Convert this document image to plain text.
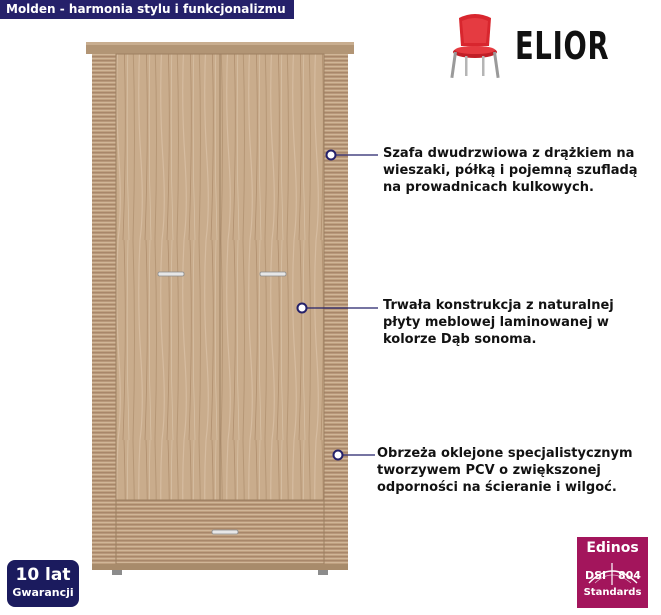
Molden - harmonia stylu i funkcjonalizmu
ELIOR
Szafa dwudrzwiowa z drążkiem na
wieszaki, półką i pojemną szufladą
na prowadnicach kulkowych.
Trwała konstrukcja z naturalnej
płyty meblowej laminowanej w
kolorze Dąb sonoma.
Obrzeża oklejone specjalistycznym
tworzywem PCV o zwiększonej
odporności na ścieranie i wilgoć.
10 lat
Gwarancji
Edinos
DSI 804
Standards
